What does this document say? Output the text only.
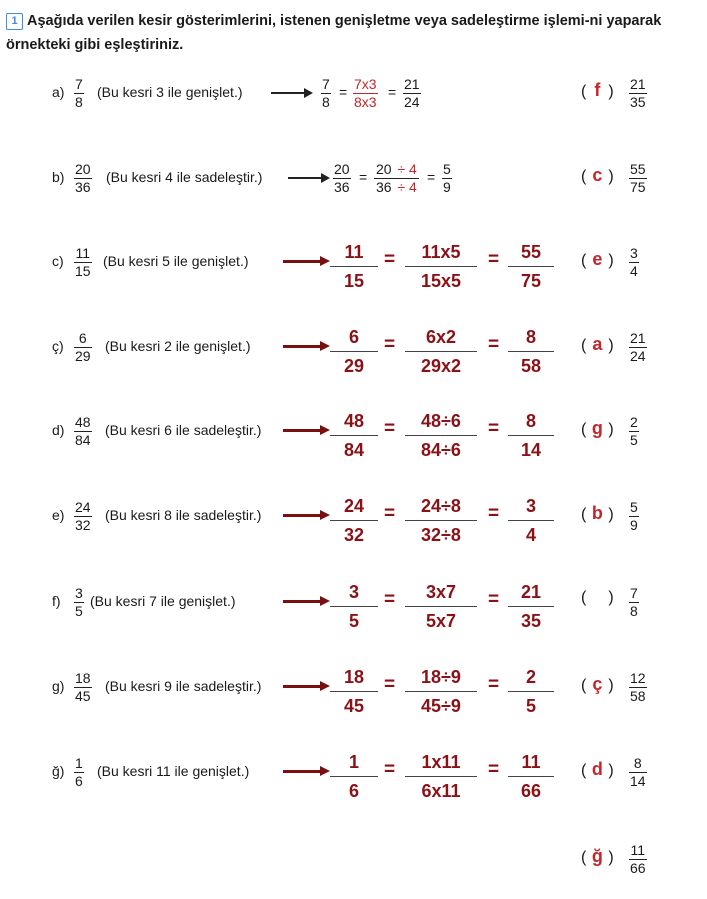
1 Aşağıda verilen kesir gösterimlerini, istenen genişletme veya sadeleştirme işlemi-ni yaparak örnekteki gibi eşleştiriniz.
a) 7
8
(Bu kesri 3 ile genişlet.)	7
8
= 7x3
8x3
= 21
24
( f ) 21
35
b) 20
36
(Bu kesri 4 ile sadeleştir.)	20
36
= 20 ÷ 4
36 ÷ 4
= 5
9
( c ) 55
75
c) 11
15
(Bu kesri 5 ile genişlet.)	11
15
= 11x5
15x5
= 55
75
( e ) 3
4
ç) 6
29
(Bu kesri 2 ile genişlet.)	6
29
= 6x2
29x2
= 8
58
( a ) 21
24
d) 48
84
(Bu kesri 6 ile sadeleştir.)	48
84
= 48÷6
84÷6
= 8
14
( g ) 2
5
e) 24
32
(Bu kesri 8 ile sadeleştir.)	24
32
= 24÷8
32÷8
= 3
4
( b ) 5
9
f) 3
5
(Bu kesri 7 ile genişlet.)	3
5
= 3x7
5x7
= 21
35
( ) 7
8
g) 18
45
(Bu kesri 9 ile sadeleştir.)	18
45
= 18÷9
45÷9
= 2
5
( ç ) 12
58
ğ) 1
6
(Bu kesri 11 ile genişlet.)	1
6
= 1x11
6x11
= 11
66
( d ) 8
14
( ğ ) 11
66
